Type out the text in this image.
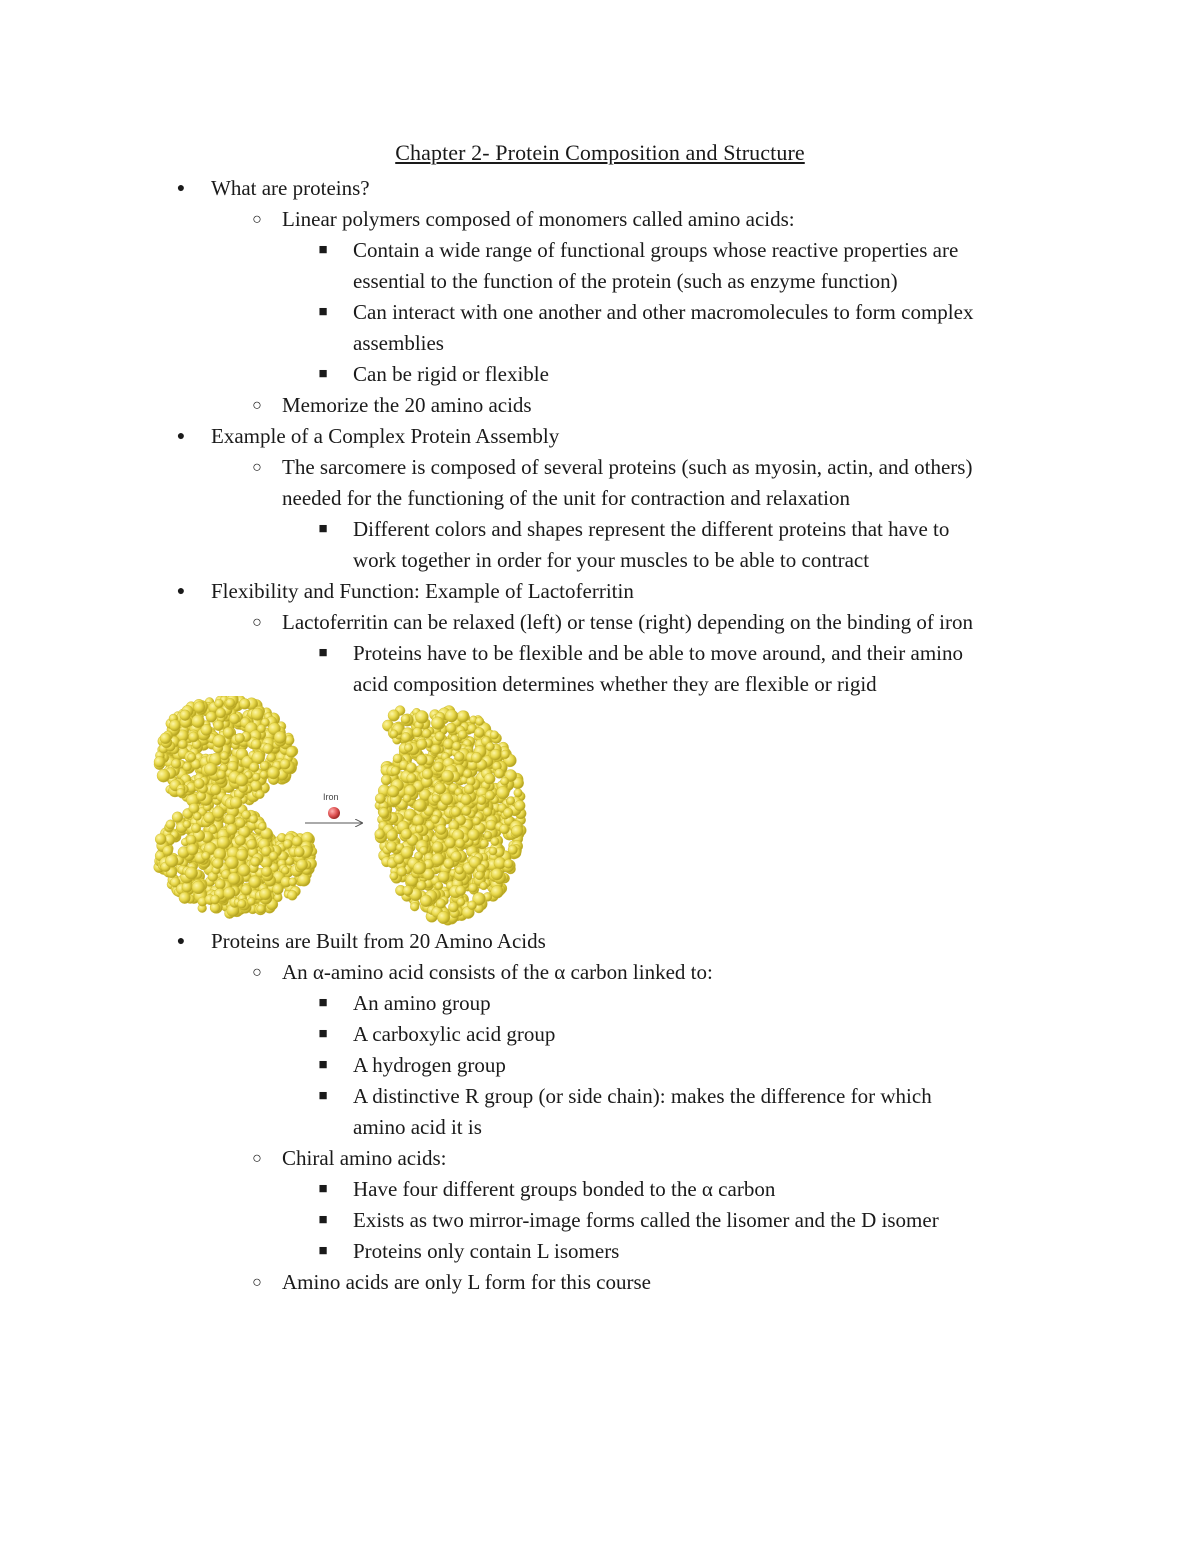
Chapter 2- Protein Composition and Structure
● What are proteins?
○ Linear polymers composed of monomers called amino acids:
■ Contain a wide range of functional groups whose reactive properties are
essential to the function of the protein (such as enzyme function)
■ Can interact with one another and other macromolecules to form complex
assemblies
■ Can be rigid or flexible
○ Memorize the 20 amino acids
● Example of a Complex Protein Assembly
○ The sarcomere is composed of several proteins (such as myosin, actin, and others)
needed for the functioning of the unit for contraction and relaxation
■ Different colors and shapes represent the different proteins that have to
work together in order for your muscles to be able to contract
● Flexibility and Function: Example of Lactoferritin
○ Lactoferritin can be relaxed (left) or tense (right) depending on the binding of iron
■ Proteins have to be flexible and be able to move around, and their amino
acid composition determines whether they are flexible or rigid
Iron
● Proteins are Built from 20 Amino Acids
○ An α-amino acid consists of the α carbon linked to:
■ An amino group
■ A carboxylic acid group
■ A hydrogen group
■ A distinctive R group (or side chain): makes the difference for which
amino acid it is
○ Chiral amino acids:
■ Have four different groups bonded to the α carbon
■ Exists as two mirror-image forms called the lisomer and the D isomer
■ Proteins only contain L isomers
○ Amino acids are only L form for this course
